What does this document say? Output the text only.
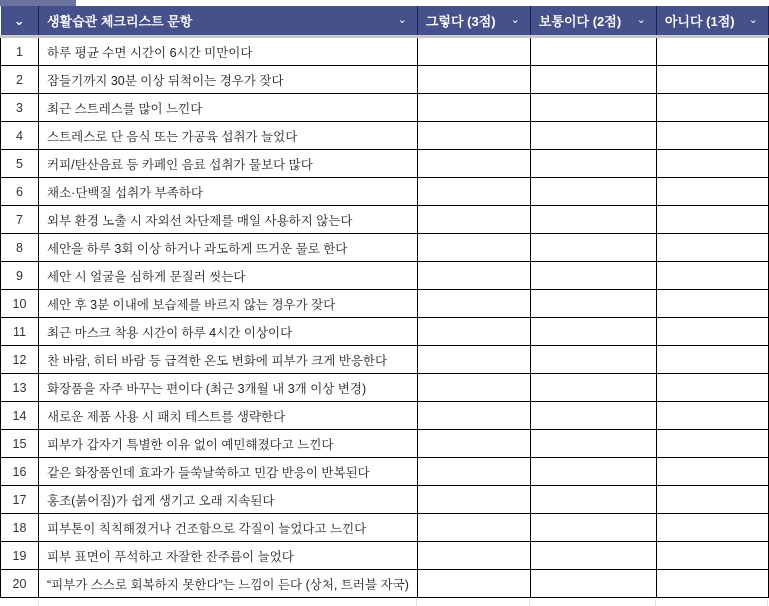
⌄	생활습관 체크리스트 문항 ⌄	그렇다 (3점) ⌄	보통이다 (2점) ⌄	아니다 (1점) ⌄

1	하루 평균 수면 시간이 6시간 미만이다			
2	잠들기까지 30분 이상 뒤척이는 경우가 잦다			
3	최근 스트레스를 많이 느낀다			
4	스트레스로 단 음식 또는 가공육 섭취가 늘었다			
5	커피/탄산음료 등 카페인 음료 섭취가 물보다 많다			
6	채소·단백질 섭취가 부족하다			
7	외부 환경 노출 시 자외선 차단제를 매일 사용하지 않는다			
8	세안을 하루 3회 이상 하거나 과도하게 뜨거운 물로 한다			
9	세안 시 얼굴을 심하게 문질러 씻는다			
10	세안 후 3분 이내에 보습제를 바르지 않는 경우가 잦다			
11	최근 마스크 착용 시간이 하루 4시간 이상이다			
12	찬 바람, 히터 바람 등 급격한 온도 변화에 피부가 크게 반응한다			
13	화장품을 자주 바꾸는 편이다 (최근 3개월 내 3개 이상 변경)			
14	새로운 제품 사용 시 패치 테스트를 생략한다			
15	피부가 갑자기 특별한 이유 없이 예민해졌다고 느낀다			
16	같은 화장품인데 효과가 들쑥날쑥하고 민감 반응이 반복된다			
17	홍조(붉어짐)가 쉽게 생기고 오래 지속된다			
18	피부톤이 칙칙해졌거나 건조함으로 각질이 늘었다고 느낀다			
19	피부 표면이 푸석하고 자잘한 잔주름이 늘었다			
20	“피부가 스스로 회복하지 못한다”는 느낌이 든다 (상처, 트러블 자국)			
